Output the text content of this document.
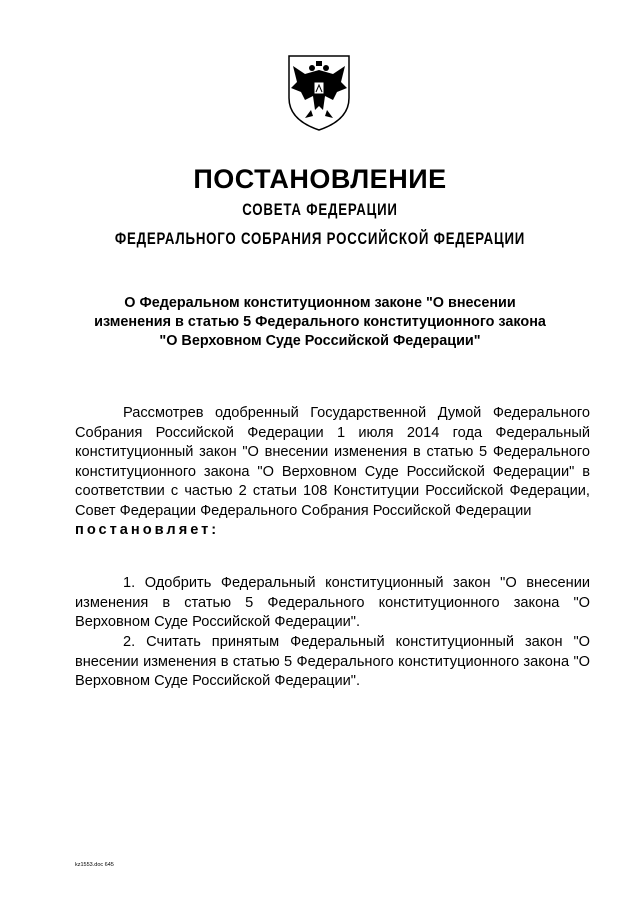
ПОСТАНОВЛЕНИЕ
СОВЕТА ФЕДЕРАЦИИ
ФЕДЕРАЛЬНОГО СОБРАНИЯ РОССИЙСКОЙ ФЕДЕРАЦИИ
О Федеральном конституционном законе "О внесении
изменения в статью 5 Федерального конституционного закона
"О Верховном Суде Российской Федерации"
Рассмотрев одобренный Государственной Думой Федерального Собрания Российской Федерации 1 июля 2014 года Федеральный конституционный закон "О внесении изменения в статью 5 Федерального конституционного закона "О Верховном Суде Российской Федерации" в соответствии с частью 2 статьи 108 Конституции Российской Федерации, Совет Федерации Федерального Собрания Российской Федерации
постановляет:
1. Одобрить Федеральный конституционный закон "О внесении изменения в статью 5 Федерального конституционного закона "О Верховном Суде Российской Федерации".
2. Считать принятым Федеральный конституционный закон "О внесении изменения в статью 5 Федерального конституционного закона "О Верховном Суде Российской Федерации".
kz1553.doc 645
